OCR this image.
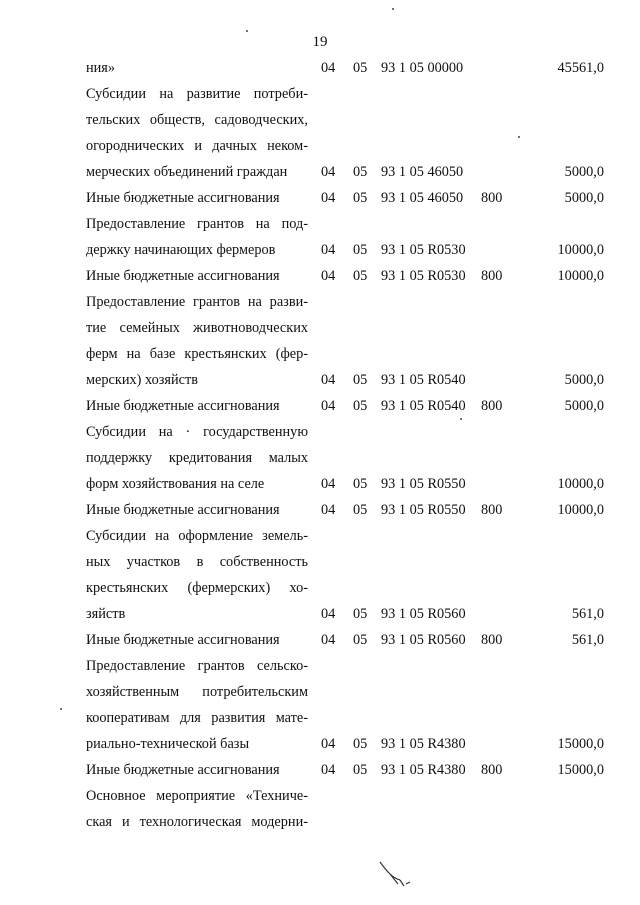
19
ния»	04 05 93 1 05 00000	45561,0
Субсидии на развитие потреби-
тельских обществ, садоводческих,
огороднических и дачных неком-
мерческих объединений граждан	04 05 93 1 05 46050	5000,0
Иные бюджетные ассигнования	04 05 93 1 05 46050 800	5000,0
Предоставление грантов на под-
держку начинающих фермеров	04 05 93 1 05 R0530	10000,0
Иные бюджетные ассигнования	04 05 93 1 05 R0530 800	10000,0
Предоставление грантов на разви-
тие семейных животноводческих
ферм на базе крестьянских (фер-
мерских) хозяйств	04 05 93 1 05 R0540	5000,0
Иные бюджетные ассигнования	04 05 93 1 05 R0540 800	5000,0
Субсидии на · государственную
поддержку кредитования малых
форм хозяйствования на селе	04 05 93 1 05 R0550	10000,0
Иные бюджетные ассигнования	04 05 93 1 05 R0550 800	10000,0
Субсидии на оформление земель-
ных участков в собственность
крестьянских (фермерских) хо-
зяйств	04 05 93 1 05 R0560	561,0
Иные бюджетные ассигнования	04 05 93 1 05 R0560 800	561,0
Предоставление грантов сельско-
хозяйственным потребительским
кооперативам для развития мате-
риально-технической базы	04 05 93 1 05 R4380	15000,0
Иные бюджетные ассигнования	04 05 93 1 05 R4380 800	15000,0
Основное мероприятие «Техниче-
ская и технологическая модерни-
